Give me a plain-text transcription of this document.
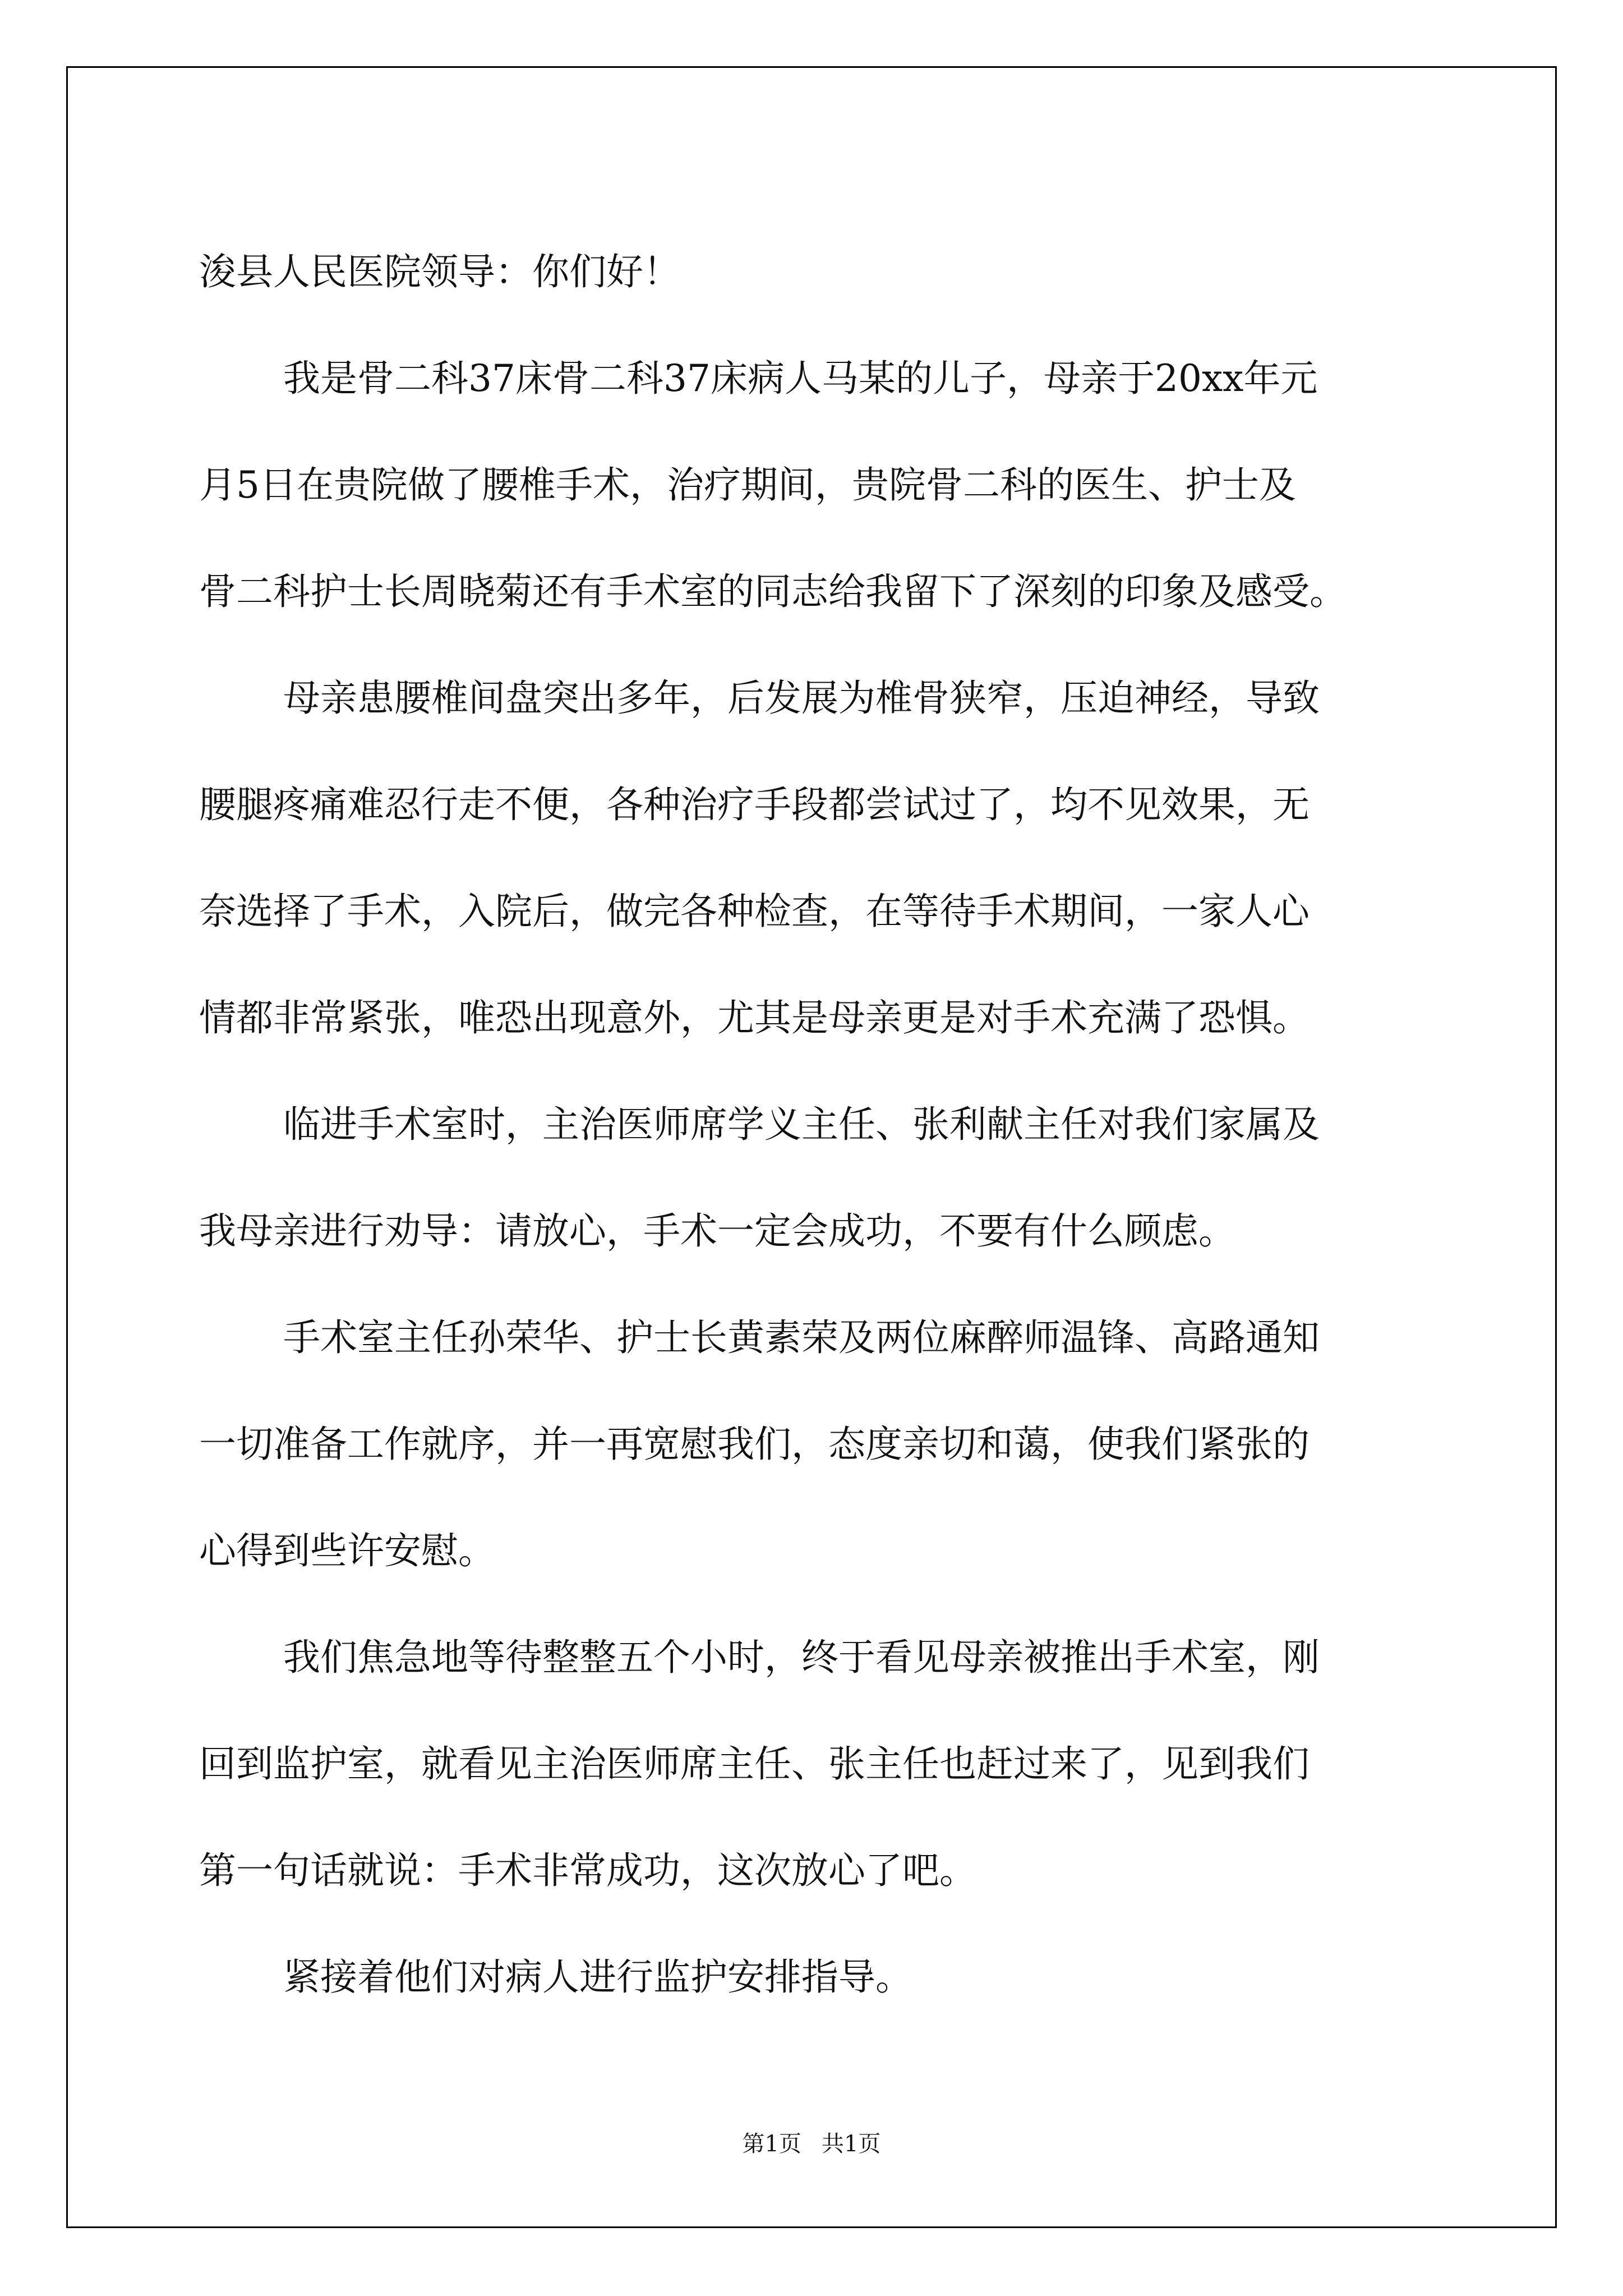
浚县人民医院领导：你们好！

我是骨二科37床骨二科37床病人马某的儿子，母亲于20xx年元

月5日在贵院做了腰椎手术，治疗期间，贵院骨二科的医生、护士及

骨二科护士长周晓菊还有手术室的同志给我留下了深刻的印象及感受。

母亲患腰椎间盘突出多年，后发展为椎骨狭窄，压迫神经，导致

腰腿疼痛难忍行走不便，各种治疗手段都尝试过了，均不见效果，无

奈选择了手术，入院后，做完各种检查，在等待手术期间，一家人心

情都非常紧张，唯恐出现意外，尤其是母亲更是对手术充满了恐惧。

临进手术室时，主治医师席学义主任、张利献主任对我们家属及

我母亲进行劝导：请放心，手术一定会成功，不要有什么顾虑。

手术室主任孙荣华、护士长黄素荣及两位麻醉师温锋、高路通知

一切准备工作就序，并一再宽慰我们，态度亲切和蔼，使我们紧张的

心得到些许安慰。

我们焦急地等待整整五个小时，终于看见母亲被推出手术室，刚

回到监护室，就看见主治医师席主任、张主任也赶过来了，见到我们

第一句话就说：手术非常成功，这次放心了吧。

紧接着他们对病人进行监护安排指导。

第1页 共1页
